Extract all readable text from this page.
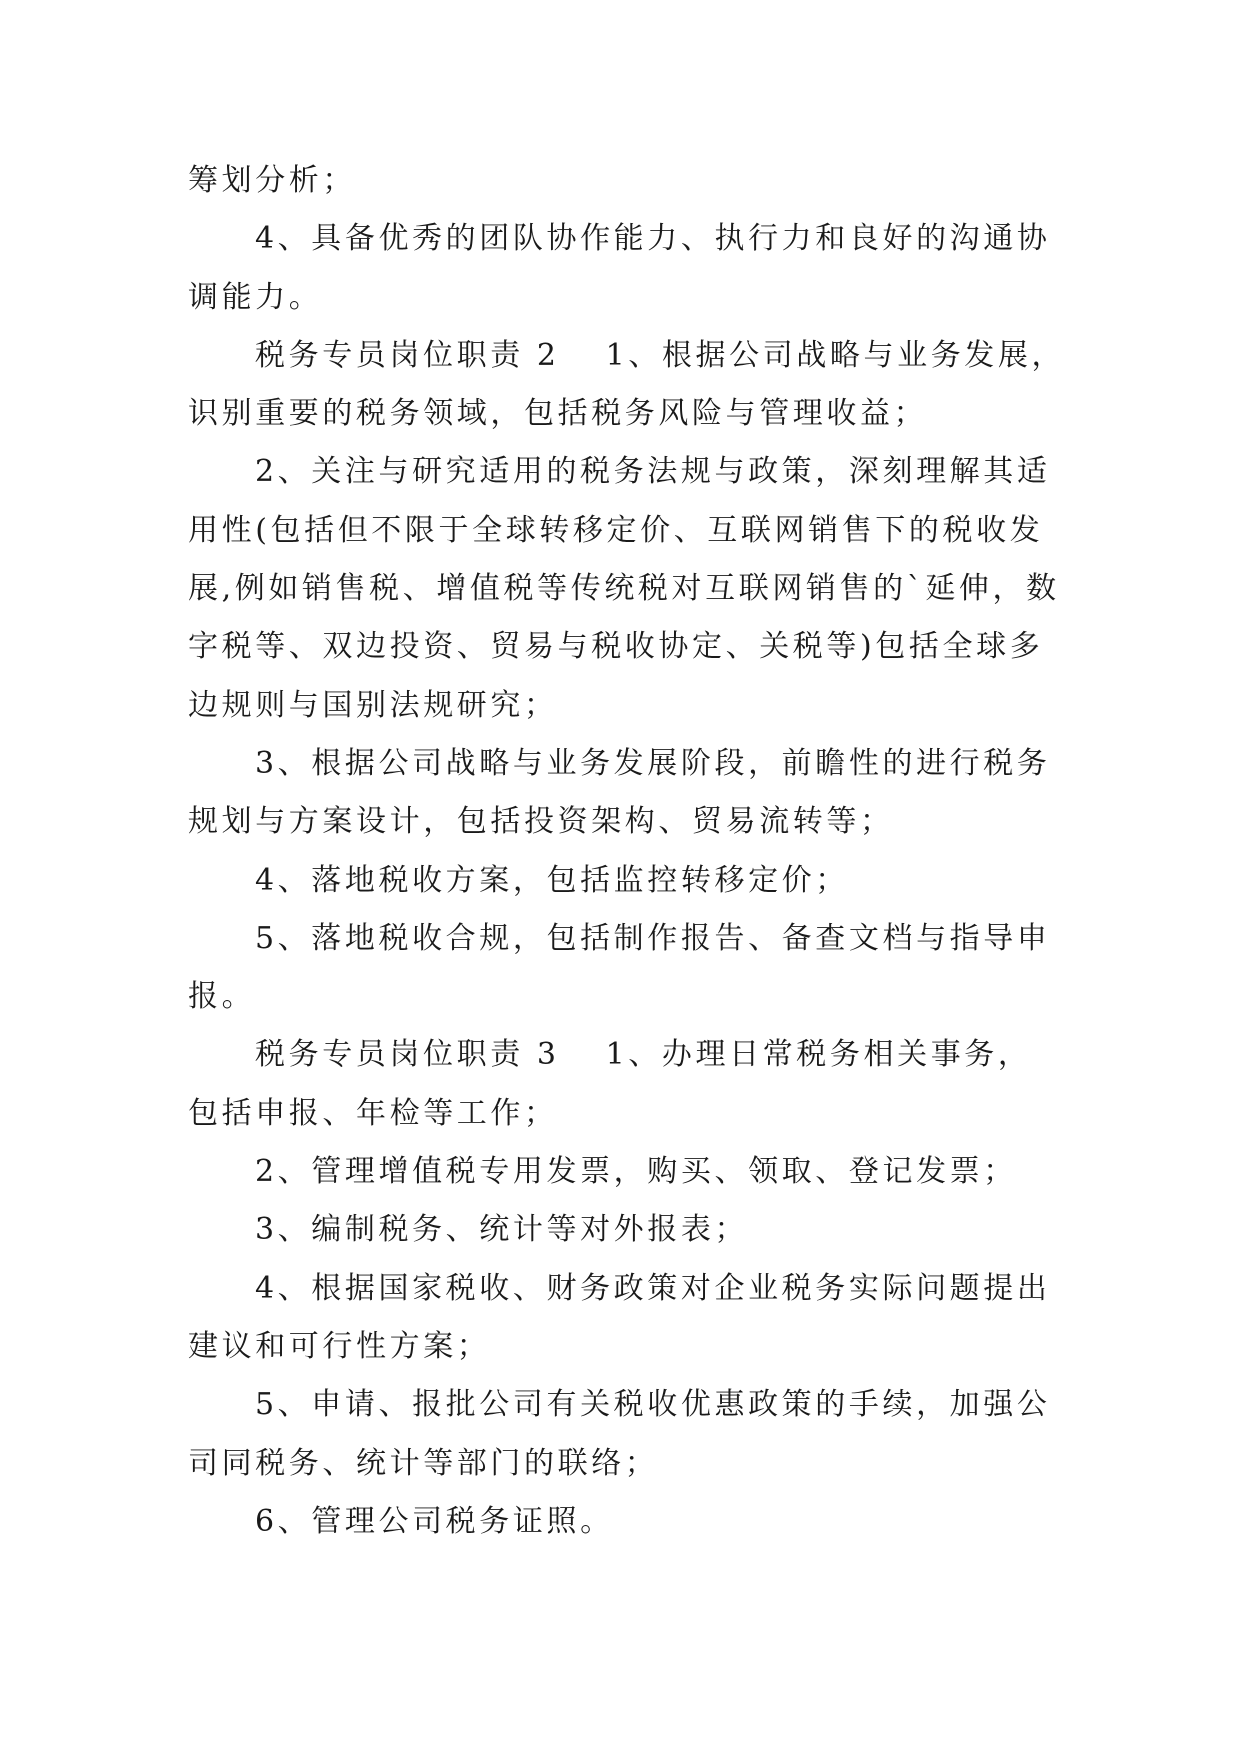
筹划分析；
4、具备优秀的团队协作能力、执行力和良好的沟通协
调能力。
税务专员岗位职责 2 1、根据公司战略与业务发展，
识别重要的税务领域，包括税务风险与管理收益；
2、关注与研究适用的税务法规与政策，深刻理解其适
用性(包括但不限于全球转移定价、互联网销售下的税收发
展,例如销售税、增值税等传统税对互联网销售的`延伸，数
字税等、双边投资、贸易与税收协定、关税等)包括全球多
边规则与国别法规研究；
3、根据公司战略与业务发展阶段，前瞻性的进行税务
规划与方案设计，包括投资架构、贸易流转等；
4、落地税收方案，包括监控转移定价；
5、落地税收合规，包括制作报告、备查文档与指导申
报。
税务专员岗位职责 3 1、办理日常税务相关事务，
包括申报、年检等工作；
2、管理增值税专用发票，购买、领取、登记发票；
3、编制税务、统计等对外报表；
4、根据国家税收、财务政策对企业税务实际问题提出
建议和可行性方案；
5、申请、报批公司有关税收优惠政策的手续，加强公
司同税务、统计等部门的联络；
6、管理公司税务证照。
